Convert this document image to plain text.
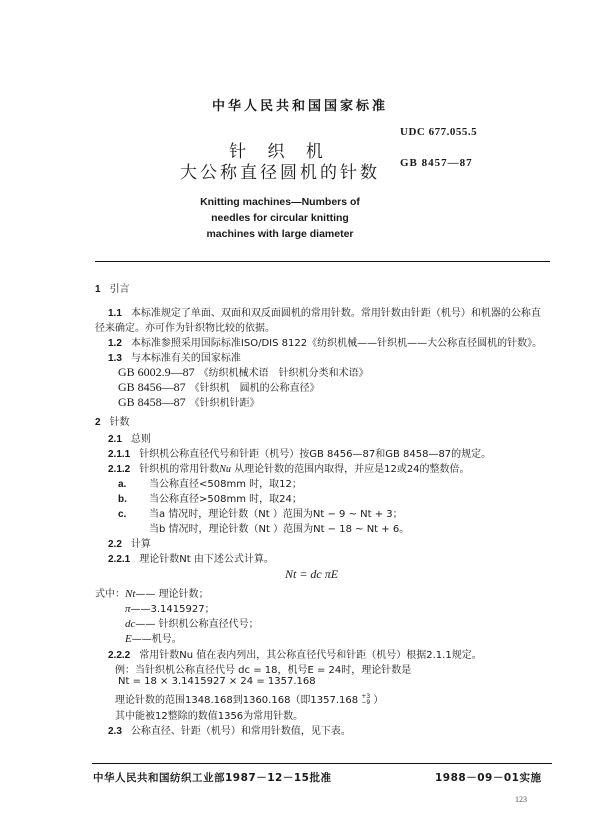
中华人民共和国国家标准
UDC 677.055.5
GB 8457—87
针 织 机
大公称直径圆机的针数
Knitting machines—Numbers of
needles for circular knitting
machines with large diameter
1 引言
1.1 本标准规定了单面、双面和双反面圆机的常用针数。常用针数由针距（机号）和机器的公称直
径来确定。亦可作为针织物比较的依据。
1.2 本标准参照采用国际标准ISO/DIS 8122《纺织机械——针织机——大公称直径圆机的针数》。
1.3 与本标准有关的国家标准
GB 6002.9—87 《纺织机械术语　针织机分类和术语》
GB 8456—87 《针织机　圆机的公称直径》
GB 8458—87 《针织机针距》
2 针数
2.1 总则
2.1.1 针织机公称直径代号和针距（机号）按GB 8456—87和GB 8458—87的规定。
2.1.2 针织机的常用针数Nu 从理论针数的范围内取得，并应是12或24的整数倍。
a. 当公称直径<508mm 时，取12；
b. 当公称直径>508mm 时，取24；
c. 当a 情况时，理论针数（Nt ）范围为Nt − 9 ~ Nt + 3；
当b 情况时，理论针数（Nt ）范围为Nt − 18 ~ Nt + 6。
2.2 计算
2.2.1 理论针数Nt 由下述公式计算。
Nt = dc πE
式中： Nt—— 理论针数；
π——3.1415927；
dc—— 针织机公称直径代号；
E——机号。
2.2.2 常用针数Nu 值在表内列出，其公称直径代号和针距（机号）根据2.1.1规定。
例：当针织机公称直径代号 dc = 18，机号E = 24时，理论针数是
Nt = 18 × 3.1415927 × 24 = 1357.168
理论针数的范围1348.168到1360.168（即1357.168 +3
−9 ）
其中能被12整除的数值1356为常用针数。
2.3 公称直径、针距（机号）和常用针数值，见下表。
中华人民共和国纺织工业部1987－12－15批准	1988－09－01实施
123
